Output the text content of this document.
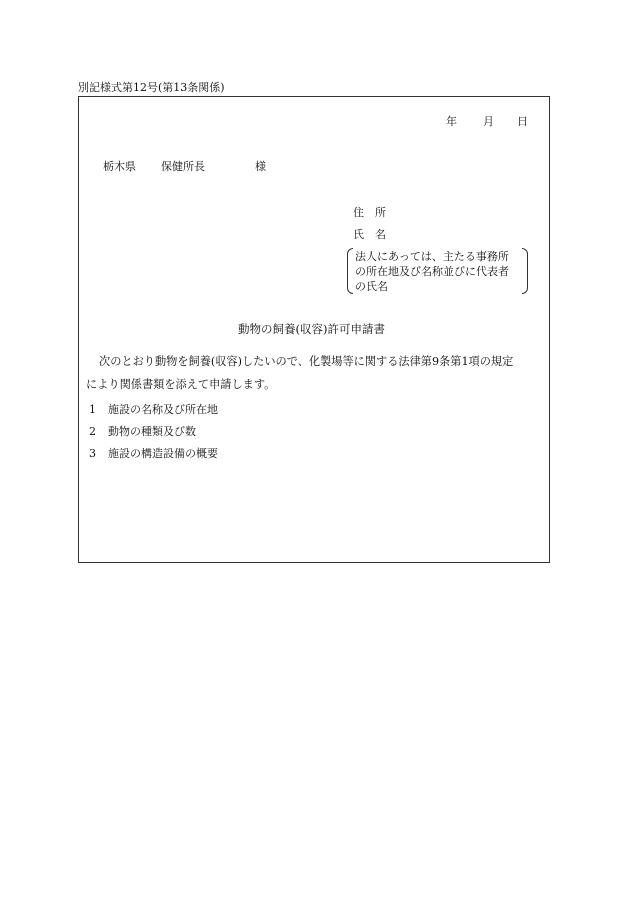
別記様式第12号(第13条関係)
年 月 日
栃木県 保健所長	様
住　所
氏　名
法人にあっては、主たる事務所
の所在地及び名称並びに代表者
の氏名
動物の飼養(収容)許可申請書
次のとおり動物を飼養(収容)したいので、化製場等に関する法律第9条第1項の規定
により関係書類を添えて申請します。
1 施設の名称及び所在地
2 動物の種類及び数
3 施設の構造設備の概要
